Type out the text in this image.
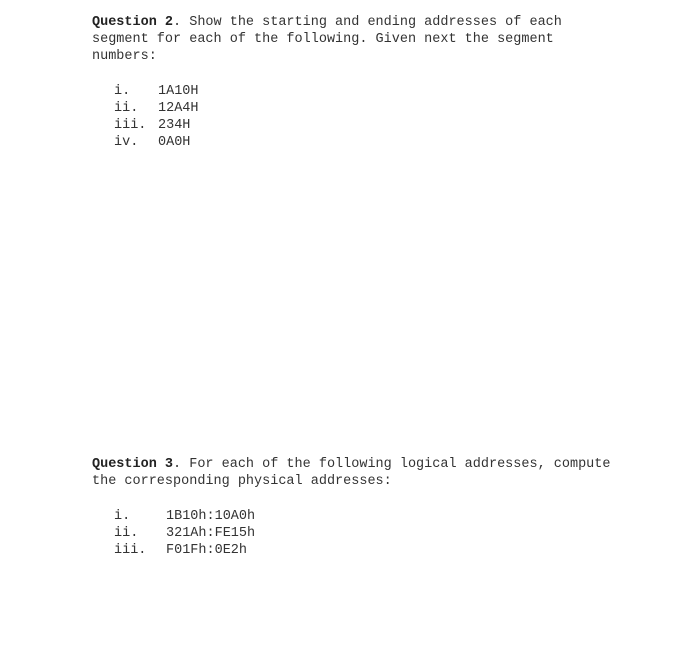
Question 2. Show the starting and ending addresses of each segment for each of the following. Given next the segment numbers:

i.	1A10H
ii.	12A4H
iii. 234H
iv.	0A0H

Question 3. For each of the following logical addresses, compute the corresponding physical addresses:

i.	1B10h:10A0h
ii.	321Ah:FE15h
iii.	F01Fh:0E2h
